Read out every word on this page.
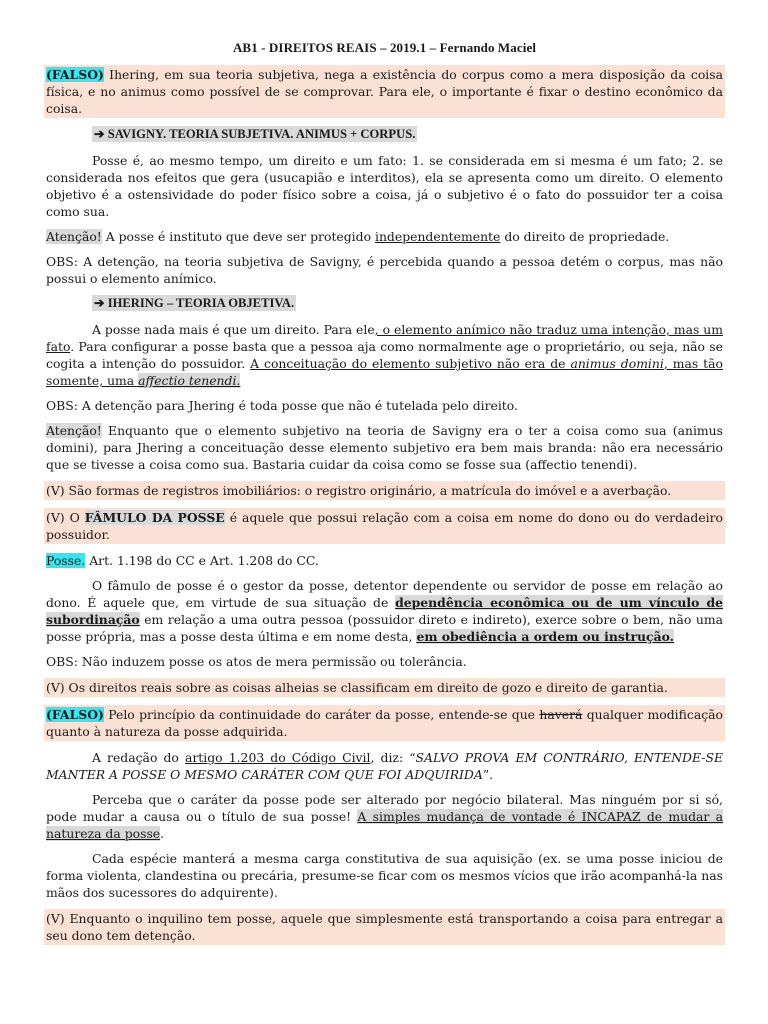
AB1 - DIREITOS REAIS – 2019.1 – Fernando Maciel

(FALSO) Ihering, em sua teoria subjetiva, nega a existência do corpus como a mera disposição da coisa física, e no animus como possível de se comprovar. Para ele, o importante é fixar o destino econômico da coisa.

➔ SAVIGNY. TEORIA SUBJETIVA. ANIMUS + CORPUS.

Posse é, ao mesmo tempo, um direito e um fato: 1. se considerada em si mesma é um fato; 2. se considerada nos efeitos que gera (usucapião e interditos), ela se apresenta como um direito. O elemento objetivo é a ostensividade do poder físico sobre a coisa, já o subjetivo é o fato do possuidor ter a coisa como sua.

Atenção! A posse é instituto que deve ser protegido independentemente do direito de propriedade.

OBS: A detenção, na teoria subjetiva de Savigny, é percebida quando a pessoa detém o corpus, mas não possui o elemento anímico.

➔ IHERING – TEORIA OBJETIVA.

A posse nada mais é que um direito. Para ele, o elemento anímico não traduz uma intenção, mas um fato. Para configurar a posse basta que a pessoa aja como normalmente age o proprietário, ou seja, não se cogita a intenção do possuidor. A conceituação do elemento subjetivo não era de animus domini, mas tão somente, uma affectio tenendi.

OBS: A detenção para Jhering é toda posse que não é tutelada pelo direito.

Atenção! Enquanto que o elemento subjetivo na teoria de Savigny era o ter a coisa como sua (animus domini), para Jhering a conceituação desse elemento subjetivo era bem mais branda: não era necessário que se tivesse a coisa como sua. Bastaria cuidar da coisa como se fosse sua (affectio tenendi).

(V) São formas de registros imobiliários: o registro originário, a matrícula do imóvel e a averbação.

(V) O FÂMULO DA POSSE é aquele que possui relação com a coisa em nome do dono ou do verdadeiro possuidor.

Posse. Art. 1.198 do CC e Art. 1.208 do CC.

O fâmulo de posse é o gestor da posse, detentor dependente ou servidor de posse em relação ao dono. É aquele que, em virtude de sua situação de dependência econômica ou de um vínculo de subordinação em relação a uma outra pessoa (possuidor direto e indireto), exerce sobre o bem, não uma posse própria, mas a posse desta última e em nome desta, em obediência a ordem ou instrução.

OBS: Não induzem posse os atos de mera permissão ou tolerância.

(V) Os direitos reais sobre as coisas alheias se classificam em direito de gozo e direito de garantia.

(FALSO) Pelo princípio da continuidade do caráter da posse, entende-se que haverá qualquer modificação quanto à natureza da posse adquirida.

A redação do artigo 1.203 do Código Civil, diz: “SALVO PROVA EM CONTRÁRIO, ENTENDE-SE MANTER A POSSE O MESMO CARÁTER COM QUE FOI ADQUIRIDA”.

Perceba que o caráter da posse pode ser alterado por negócio bilateral. Mas ninguém por si só, pode mudar a causa ou o título de sua posse! A simples mudança de vontade é INCAPAZ de mudar a natureza da posse.

Cada espécie manterá a mesma carga constitutiva de sua aquisição (ex. se uma posse iniciou de forma violenta, clandestina ou precária, presume-se ficar com os mesmos vícios que irão acompanhá-la nas mãos dos sucessores do adquirente).

(V) Enquanto o inquilino tem posse, aquele que simplesmente está transportando a coisa para entregar a seu dono tem detenção.
